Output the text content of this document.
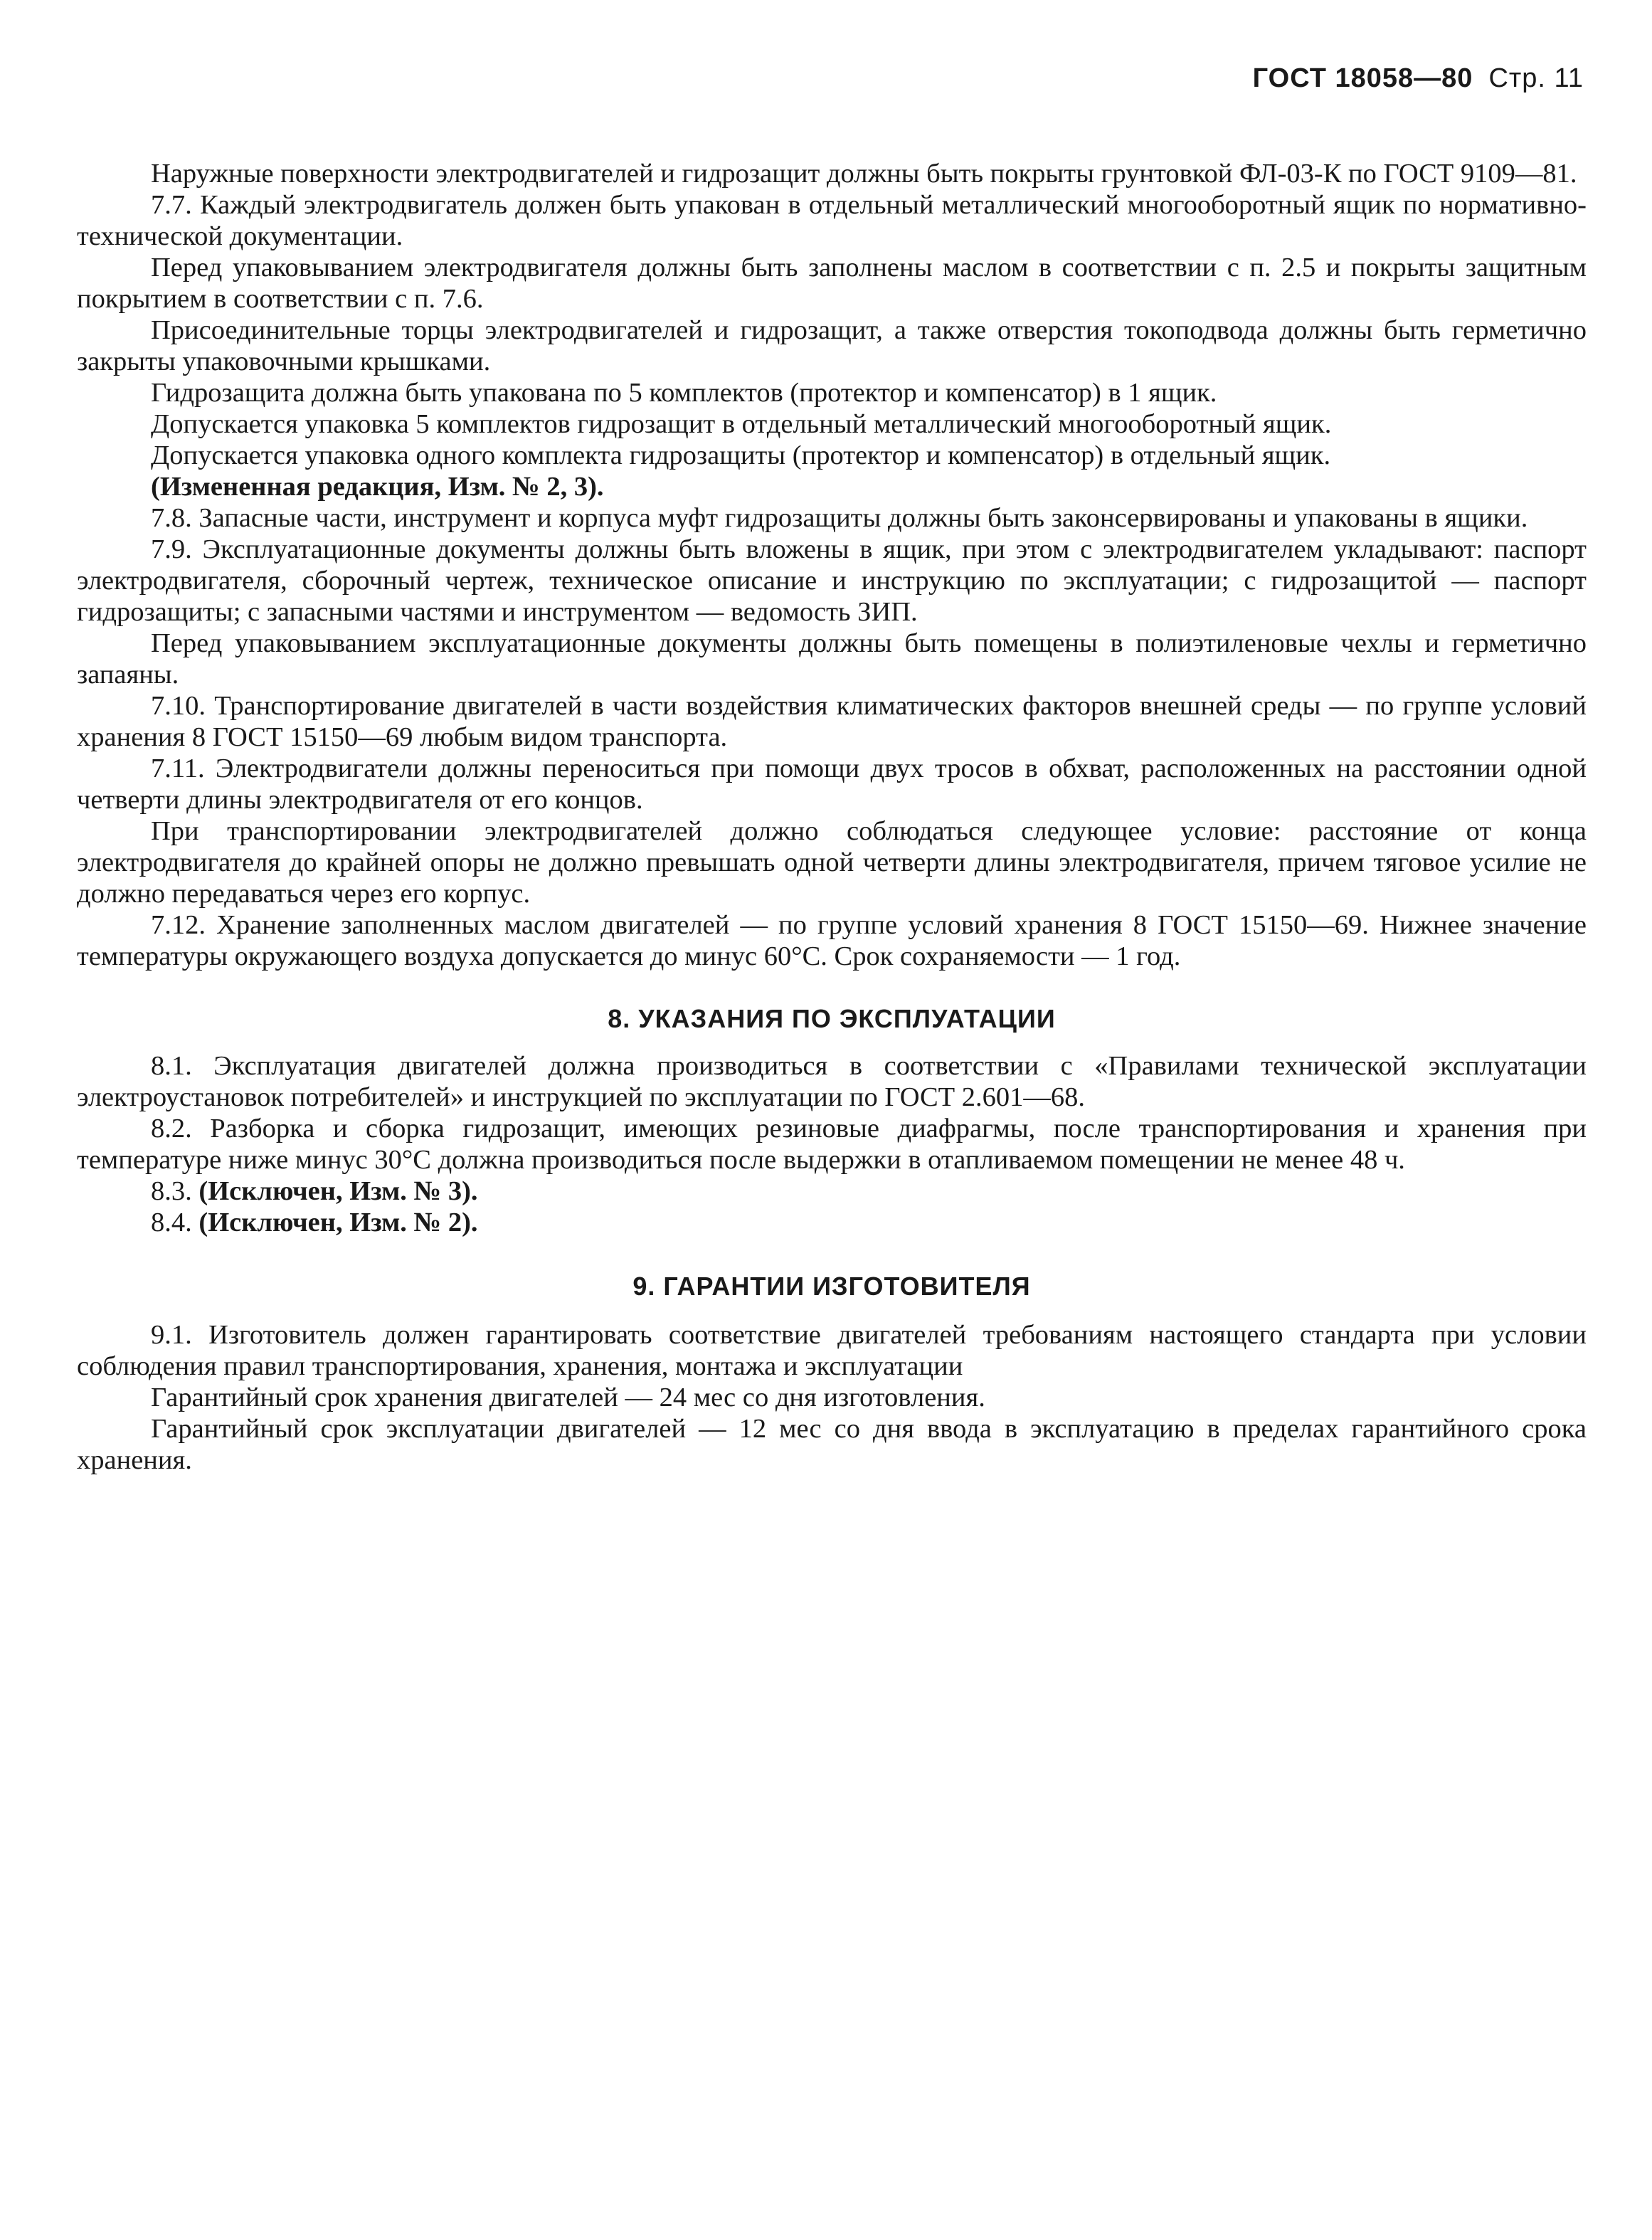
ГОСТ 18058—80 Стр. 11

Наружные поверхности электродвигателей и гидрозащит должны быть покрыты грунтовкой ФЛ-03-К по ГОСТ 9109—81.

7.7. Каждый электродвигатель должен быть упакован в отдельный металлический многооборотный ящик по нормативно-технической документации.

Перед упаковыванием электродвигателя должны быть заполнены маслом в соответствии с п. 2.5 и покрыты защитным покрытием в соответствии с п. 7.6.

Присоединительные торцы электродвигателей и гидрозащит, а также отверстия токоподвода должны быть герметично закрыты упаковочными крышками.

Гидрозащита должна быть упакована по 5 комплектов (протектор и компенсатор) в 1 ящик.

Допускается упаковка 5 комплектов гидрозащит в отдельный металлический многооборотный ящик.

Допускается упаковка одного комплекта гидрозащиты (протектор и компенсатор) в отдельный ящик.

(Измененная редакция, Изм. № 2, 3).

7.8. Запасные части, инструмент и корпуса муфт гидрозащиты должны быть законсервированы и упакованы в ящики.

7.9. Эксплуатационные документы должны быть вложены в ящик, при этом с электродвигателем укладывают: паспорт электродвигателя, сборочный чертеж, техническое описание и инструкцию по эксплуатации; с гидрозащитой — паспорт гидрозащиты; с запасными частями и инструментом — ведомость ЗИП.

Перед упаковыванием эксплуатационные документы должны быть помещены в полиэтиленовые чехлы и герметично запаяны.

7.10. Транспортирование двигателей в части воздействия климатических факторов внешней среды — по группе условий хранения 8 ГОСТ 15150—69 любым видом транспорта.

7.11. Электродвигатели должны переноситься при помощи двух тросов в обхват, расположенных на расстоянии одной четверти длины электродвигателя от его концов.

При транспортировании электродвигателей должно соблюдаться следующее условие: расстояние от конца электродвигателя до крайней опоры не должно превышать одной четверти длины электродвигателя, причем тяговое усилие не должно передаваться через его корпус.

7.12. Хранение заполненных маслом двигателей — по группе условий хранения 8 ГОСТ 15150—69. Нижнее значение температуры окружающего воздуха допускается до минус 60°С. Срок сохраняемости — 1 год.

8. УКАЗАНИЯ ПО ЭКСПЛУАТАЦИИ

8.1. Эксплуатация двигателей должна производиться в соответствии с «Правилами технической эксплуатации электроустановок потребителей» и инструкцией по эксплуатации по ГОСТ 2.601—68.

8.2. Разборка и сборка гидрозащит, имеющих резиновые диафрагмы, после транспортирования и хранения при температуре ниже минус 30°С должна производиться после выдержки в отапливаемом помещении не менее 48 ч.

8.3. (Исключен, Изм. № 3).

8.4. (Исключен, Изм. № 2).

9. ГАРАНТИИ ИЗГОТОВИТЕЛЯ

9.1. Изготовитель должен гарантировать соответствие двигателей требованиям настоящего стандарта при условии соблюдения правил транспортирования, хранения, монтажа и эксплуатации

Гарантийный срок хранения двигателей — 24 мес со дня изготовления.

Гарантийный срок эксплуатации двигателей — 12 мес со дня ввода в эксплуатацию в пределах гарантийного срока хранения.
